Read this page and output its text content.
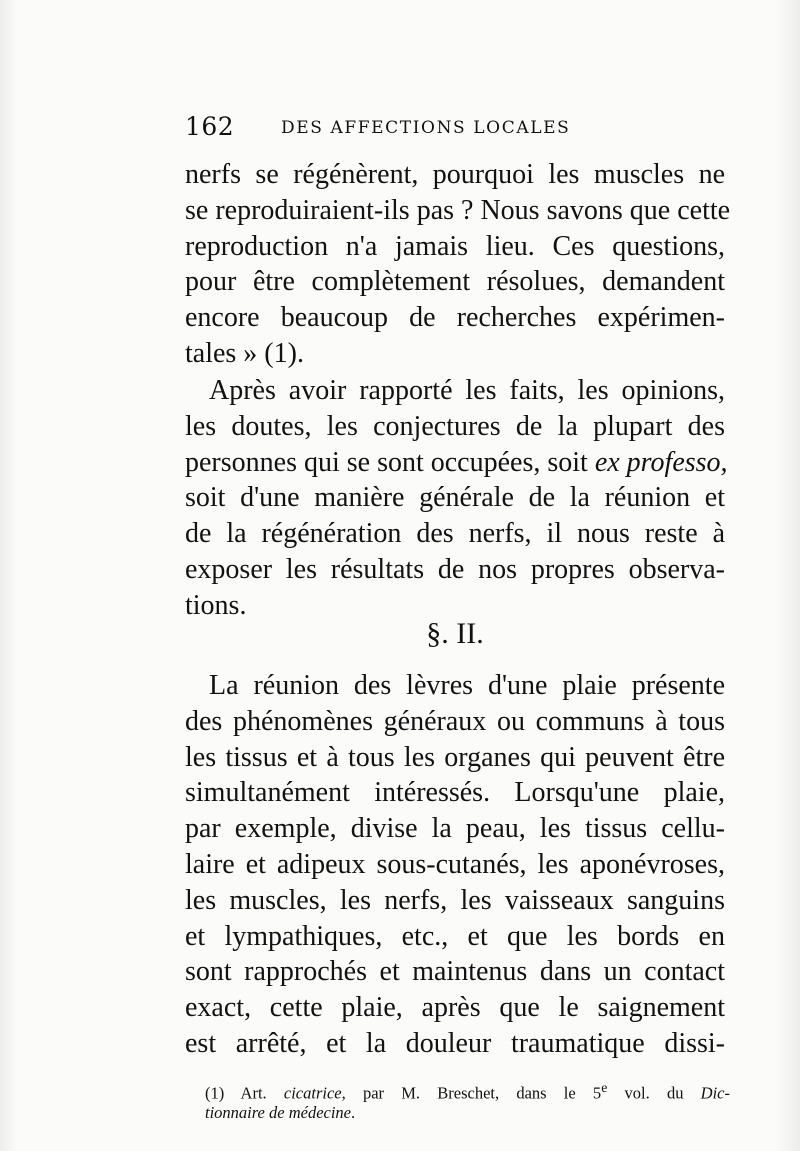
162	DES AFFECTIONS LOCALES
nerfs se régénèrent, pourquoi les muscles ne
se reproduiraient-ils pas ? Nous savons que cette
reproduction n'a jamais lieu. Ces questions,
pour être complètement résolues, demandent
encore beaucoup de recherches expérimen-
tales » (1).
Après avoir rapporté les faits, les opinions,
les doutes, les conjectures de la plupart des
personnes qui se sont occupées, soit ex professo,
soit d'une manière générale de la réunion et
de la régénération des nerfs, il nous reste à
exposer les résultats de nos propres observa-
tions.
§. II.
La réunion des lèvres d'une plaie présente
des phénomènes généraux ou communs à tous
les tissus et à tous les organes qui peuvent être
simultanément intéressés. Lorsqu'une plaie,
par exemple, divise la peau, les tissus cellu-
laire et adipeux sous-cutanés, les aponévroses,
les muscles, les nerfs, les vaisseaux sanguins
et lympathiques, etc., et que les bords en
sont rapprochés et maintenus dans un contact
exact, cette plaie, après que le saignement
est arrêté, et la douleur traumatique dissi-
(1) Art. cicatrice, par M. Breschet, dans le 5e vol. du Dic-
tionnaire de médecine.
